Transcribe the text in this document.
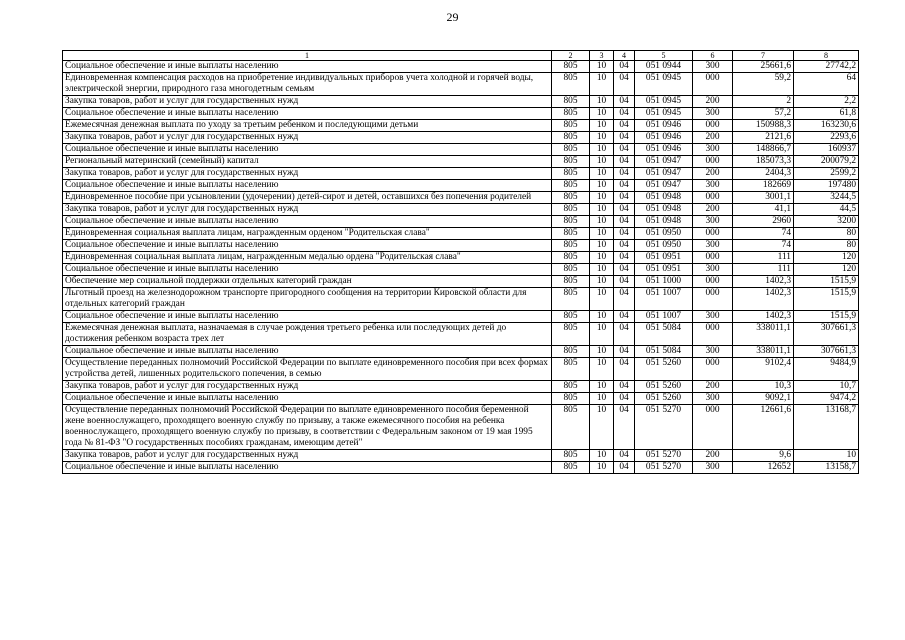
29
1	2	3	4	5	6	7	8
Социальное обеспечение и иные выплаты населению	805	10	04	051 0944	300	25661,6	27742,2
Единовременная компенсация расходов на приобретение индивидуальных приборов учета холодной и горячей воды, электрической энергии, природного газа многодетным семьям	805	10	04	051 0945	000	59,2	64
Закупка товаров, работ и услуг для государственных нужд	805	10	04	051 0945	200	2	2,2
Социальное обеспечение и иные выплаты населению	805	10	04	051 0945	300	57,2	61,8
Ежемесячная денежная выплата по уходу за третьим ребенком и последующими детьми	805	10	04	051 0946	000	150988,3	163230,6
Закупка товаров, работ и услуг для государственных нужд	805	10	04	051 0946	200	2121,6	2293,6
Социальное обеспечение и иные выплаты населению	805	10	04	051 0946	300	148866,7	160937
Региональный материнский (семейный) капитал	805	10	04	051 0947	000	185073,3	200079,2
Закупка товаров, работ и услуг для государственных нужд	805	10	04	051 0947	200	2404,3	2599,2
Социальное обеспечение и иные выплаты населению	805	10	04	051 0947	300	182669	197480
Единовременное пособие при усыновлении (удочерении) детей-сирот и детей, оставшихся без попечения родителей	805	10	04	051 0948	000	3001,1	3244,5
Закупка товаров, работ и услуг для государственных нужд	805	10	04	051 0948	200	41,1	44,5
Социальное обеспечение и иные выплаты населению	805	10	04	051 0948	300	2960	3200
Единовременная социальная выплата лицам, награжденным орденом "Родительская слава"	805	10	04	051 0950	000	74	80
Социальное обеспечение и иные выплаты населению	805	10	04	051 0950	300	74	80
Единовременная социальная выплата лицам, награжденным медалью ордена "Родительская слава"	805	10	04	051 0951	000	111	120
Социальное обеспечение и иные выплаты населению	805	10	04	051 0951	300	111	120
Обеспечение мер социальной поддержки отдельных категорий граждан	805	10	04	051 1000	000	1402,3	1515,9
Льготный проезд на железнодорожном транспорте пригородного сообщения на территории Кировской области для отдельных категорий граждан	805	10	04	051 1007	000	1402,3	1515,9
Социальное обеспечение и иные выплаты населению	805	10	04	051 1007	300	1402,3	1515,9
Ежемесячная денежная выплата, назначаемая в случае рождения третьего ребенка или последующих детей до достижения ребенком возраста трех лет	805	10	04	051 5084	000	338011,1	307661,3
Социальное обеспечение и иные выплаты населению	805	10	04	051 5084	300	338011,1	307661,3
Осуществление переданных полномочий Российской Федерации по выплате единовременного пособия при всех формах устройства детей, лишенных родительского попечения, в семью	805	10	04	051 5260	000	9102,4	9484,9
Закупка товаров, работ и услуг для государственных нужд	805	10	04	051 5260	200	10,3	10,7
Социальное обеспечение и иные выплаты населению	805	10	04	051 5260	300	9092,1	9474,2
Осуществление переданных полномочий Российской Федерации по выплате единовременного пособия беременной жене военнослужащего, проходящего военную службу по призыву, а также ежемесячного пособия на ребенка военнослужащего, проходящего военную службу по призыву, в соответствии с Федеральным законом от 19 мая 1995 года № 81-ФЗ "О государственных пособиях гражданам, имеющим детей"	805	10	04	051 5270	000	12661,6	13168,7
Закупка товаров, работ и услуг для государственных нужд	805	10	04	051 5270	200	9,6	10
Социальное обеспечение и иные выплаты населению	805	10	04	051 5270	300	12652	13158,7
